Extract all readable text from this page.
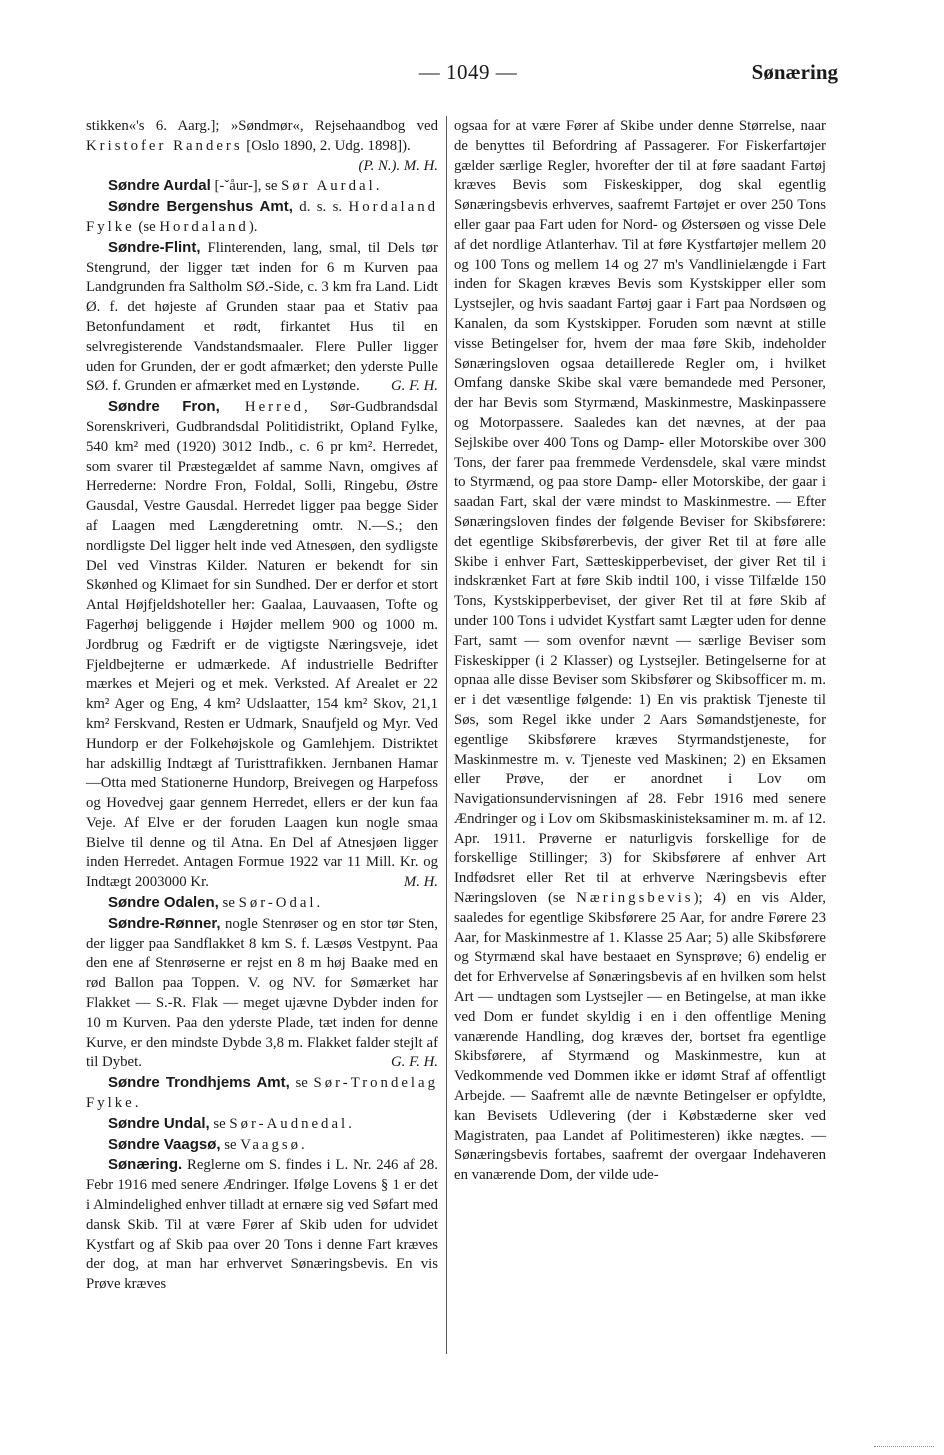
— 1049 —	Sønæring

stikken«'s 6. Aarg.]; »Søndmør«, Rejsehaandbog ved Kristofer Randers [Oslo 1890, 2. Udg. 1898]).
(P. N.). M. H.

Søndre Aurdal [-ˇåur-], se Sør Aurdal.

Søndre Bergenshus Amt, d. s. s. Hordaland Fylke (se Hordaland).

Søndre-Flint, Flinterenden, lang, smal, til Dels tør Stengrund, der ligger tæt inden for 6 m Kurven paa Landgrunden fra Saltholm SØ.-Side, c. 3 km fra Land. Lidt Ø. f. det højeste af Grunden staar paa et Stativ paa Betonfundament et rødt, firkantet Hus til en selvregisterende Vandstandsmaaler. Flere Puller ligger uden for Grunden, der er godt afmærket; den yderste Pulle SØ. f. Grunden er afmærket med en Lystønde.	G. F. H.

Søndre Fron, Herred, Sør-Gudbrandsdal Sorenskriveri, Gudbrandsdal Politidistrikt, Opland Fylke, 540 km² med (1920) 3012 Indb., c. 6 pr km². Herredet, som svarer til Præstegældet af samme Navn, omgives af Herrederne: Nordre Fron, Foldal, Solli, Ringebu, Østre Gausdal, Vestre Gausdal. Herredet ligger paa begge Sider af Laagen med Længderetning omtr. N.—S.; den nordligste Del ligger helt inde ved Atnesøen, den sydligste Del ved Vinstras Kilder. Naturen er bekendt for sin Skønhed og Klimaet for sin Sundhed. Der er derfor et stort Antal Højfjeldshoteller her: Gaalaa, Lauvaasen, Tofte og Fagerhøj beliggende i Højder mellem 900 og 1000 m. Jordbrug og Fædrift er de vigtigste Næringsveje, idet Fjeldbejterne er udmærkede. Af industrielle Bedrifter mærkes et Mejeri og et mek. Verksted. Af Arealet er 22 km² Ager og Eng, 4 km² Udslaatter, 154 km² Skov, 21,1 km² Ferskvand, Resten er Udmark, Snaufjeld og Myr. Ved Hundorp er der Folkehøjskole og Gamlehjem. Distriktet har adskillig Indtægt af Turisttrafikken. Jernbanen Hamar—Otta med Stationerne Hundorp, Breivegen og Harpefoss og Hovedvej gaar gennem Herredet, ellers er der kun faa Veje. Af Elve er der foruden Laagen kun nogle smaa Bielve til denne og til Atna. En Del af Atnesjøen ligger inden Herredet. Antagen Formue 1922 var 11 Mill. Kr. og Indtægt 2003000 Kr.	M. H.

Søndre Odalen, se Sør-Odal.

Søndre-Rønner, nogle Stenrøser og en stor tør Sten, der ligger paa Sandflakket 8 km S. f. Læsøs Vestpynt. Paa den ene af Stenrøserne er rejst en 8 m høj Baake med en rød Ballon paa Toppen. V. og NV. for Sømærket har Flakket — S.-R. Flak — meget ujævne Dybder inden for 10 m Kurven. Paa den yderste Plade, tæt inden for denne Kurve, er den mindste Dybde 3,8 m. Flakket falder stejlt af til Dybet.	G. F. H.

Søndre Trondhjems Amt, se Sør-Trondelag Fylke.

Søndre Undal, se Sør-Audnedal.

Søndre Vaagsø, se Vaagsø.

Sønæring. Reglerne om S. findes i L. Nr. 246 af 28. Febr 1916 med senere Ændringer. Ifølge Lovens § 1 er det i Almindelighed enhver tilladt at ernære sig ved Søfart med dansk Skib. Til at være Fører af Skib uden for udvidet Kystfart og af Skib paa over 20 Tons i denne Fart kræves der dog, at man har erhvervet Sønæringsbevis. En vis Prøve kræves

ogsaa for at være Fører af Skibe under denne Størrelse, naar de benyttes til Befordring af Passagerer. For Fiskerfartøjer gælder særlige Regler, hvorefter der til at føre saadant Fartøj kræves Bevis som Fiskeskipper, dog skal egentlig Sønæringsbevis erhverves, saafremt Fartøjet er over 250 Tons eller gaar paa Fart uden for Nord- og Østersøen og visse Dele af det nordlige Atlanterhav. Til at føre Kystfartøjer mellem 20 og 100 Tons og mellem 14 og 27 m's Vandlinielængde i Fart inden for Skagen kræves Bevis som Kystskipper eller som Lystsejler, og hvis saadant Fartøj gaar i Fart paa Nordsøen og Kanalen, da som Kystskipper. Foruden som nævnt at stille visse Betingelser for, hvem der maa føre Skib, indeholder Sønæringsloven ogsaa detaillerede Regler om, i hvilket Omfang danske Skibe skal være bemandede med Personer, der har Bevis som Styrmænd, Maskinmestre, Maskinpassere og Motorpassere. Saaledes kan det nævnes, at der paa Sejlskibe over 400 Tons og Damp- eller Motorskibe over 300 Tons, der farer paa fremmede Verdensdele, skal være mindst to Styrmænd, og paa store Damp- eller Motorskibe, der gaar i saadan Fart, skal der være mindst to Maskinmestre. — Efter Sønæringsloven findes der følgende Beviser for Skibsførere: det egentlige Skibsførerbevis, der giver Ret til at føre alle Skibe i enhver Fart, Sætteskipperbeviset, der giver Ret til i indskrænket Fart at føre Skib indtil 100, i visse Tilfælde 150 Tons, Kystskipperbeviset, der giver Ret til at føre Skib af under 100 Tons i udvidet Kystfart samt Lægter uden for denne Fart, samt — som ovenfor nævnt — særlige Beviser som Fiskeskipper (i 2 Klasser) og Lystsejler. Betingelserne for at opnaa alle disse Beviser som Skibsfører og Skibsofficer m. m. er i det væsentlige følgende: 1) En vis praktisk Tjeneste til Søs, som Regel ikke under 2 Aars Sømandstjeneste, for egentlige Skibsførere kræves Styrmandstjeneste, for Maskinmestre m. v. Tjeneste ved Maskinen; 2) en Eksamen eller Prøve, der er anordnet i Lov om Navigationsundervisningen af 28. Febr 1916 med senere Ændringer og i Lov om Skibsmaskinisteksaminer m. m. af 12. Apr. 1911. Prøverne er naturligvis forskellige for de forskellige Stillinger; 3) for Skibsførere af enhver Art Indfødsret eller Ret til at erhverve Næringsbevis efter Næringsloven (se Næringsbevis); 4) en vis Alder, saaledes for egentlige Skibsførere 25 Aar, for andre Førere 23 Aar, for Maskinmestre af 1. Klasse 25 Aar; 5) alle Skibsførere og Styrmænd skal have bestaaet en Synsprøve; 6) endelig er det for Erhvervelse af Sønæringsbevis af en hvilken som helst Art — undtagen som Lystsejler — en Betingelse, at man ikke ved Dom er fundet skyldig i en i den offentlige Mening vanærende Handling, dog kræves der, bortset fra egentlige Skibsførere, af Styrmænd og Maskinmestre, kun at Vedkommende ved Dommen ikke er idømt Straf af offentligt Arbejde. — Saafremt alle de nævnte Betingelser er opfyldte, kan Bevisets Udlevering (der i Købstæderne sker ved Magistraten, paa Landet af Politimesteren) ikke nægtes. — Sønæringsbevis fortabes, saafremt der overgaar Indehaveren en vanærende Dom, der vilde ude-
